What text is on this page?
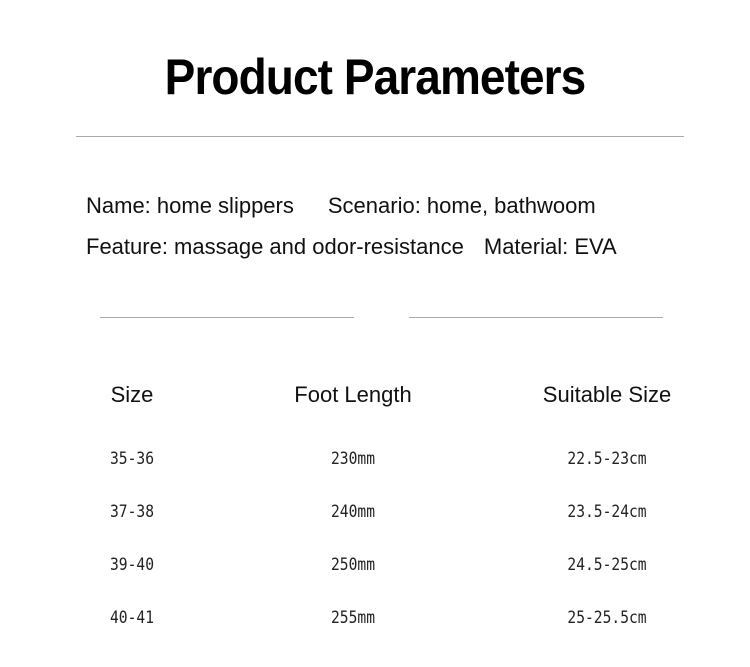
Product Parameters
Name: home slippers Scenario: home, bathwoom
Feature: massage and odor-resistance Material: EVA
Size	Foot Length	Suitable Size
35-36	230mm	22.5-23cm
37-38	240mm	23.5-24cm
39-40	250mm	24.5-25cm
40-41	255mm	25-25.5cm
